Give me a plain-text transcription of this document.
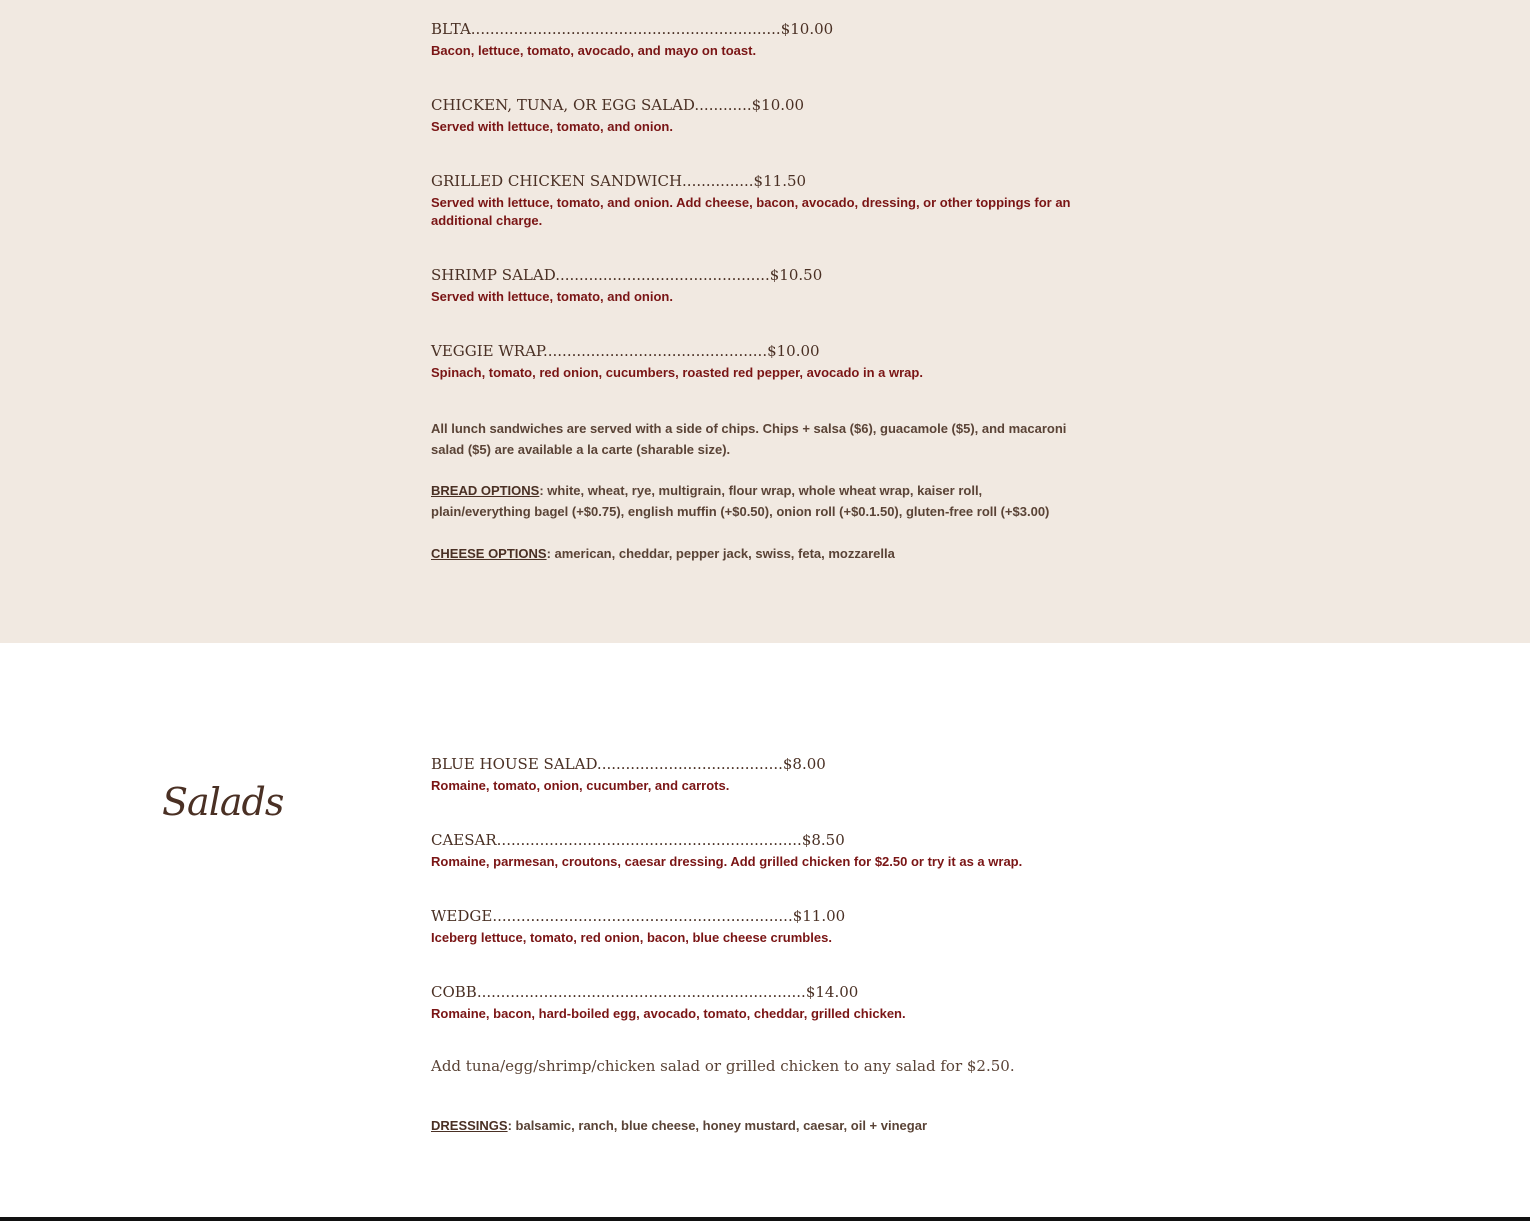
BLTA.................................................................$10.00
Bacon, lettuce, tomato, avocado, and mayo on toast.
CHICKEN, TUNA, OR EGG SALAD............$10.00
Served with lettuce, tomato, and onion.
GRILLED CHICKEN SANDWICH...............$11.50
Served with lettuce, tomato, and onion. Add cheese, bacon, avocado, dressing, or other toppings for an additional charge.
SHRIMP SALAD.............................................$10.50
Served with lettuce, tomato, and onion.
VEGGIE WRAP...............................................$10.00
Spinach, tomato, red onion, cucumbers, roasted red pepper, avocado in a wrap.
All lunch sandwiches are served with a side of chips. Chips + salsa ($6), guacamole ($5), and macaroni salad ($5) are available a la carte (sharable size).
BREAD OPTIONS: white, wheat, rye, multigrain, flour wrap, whole wheat wrap, kaiser roll, plain/everything bagel (+$0.75), english muffin (+$0.50), onion roll (+$0.1.50), gluten-free roll (+$3.00)
CHEESE OPTIONS: american, cheddar, pepper jack, swiss, feta, mozzarella
Salads
BLUE HOUSE SALAD.......................................$8.00
Romaine, tomato, onion, cucumber, and carrots.
CAESAR................................................................$8.50
Romaine, parmesan, croutons, caesar dressing. Add grilled chicken for $2.50 or try it as a wrap.
WEDGE...............................................................$11.00
Iceberg lettuce, tomato, red onion, bacon, blue cheese crumbles.
COBB.....................................................................$14.00
Romaine, bacon, hard-boiled egg, avocado, tomato, cheddar, grilled chicken.
Add tuna/egg/shrimp/chicken salad or grilled chicken to any salad for $2.50.
DRESSINGS: balsamic, ranch, blue cheese, honey mustard, caesar, oil + vinegar
